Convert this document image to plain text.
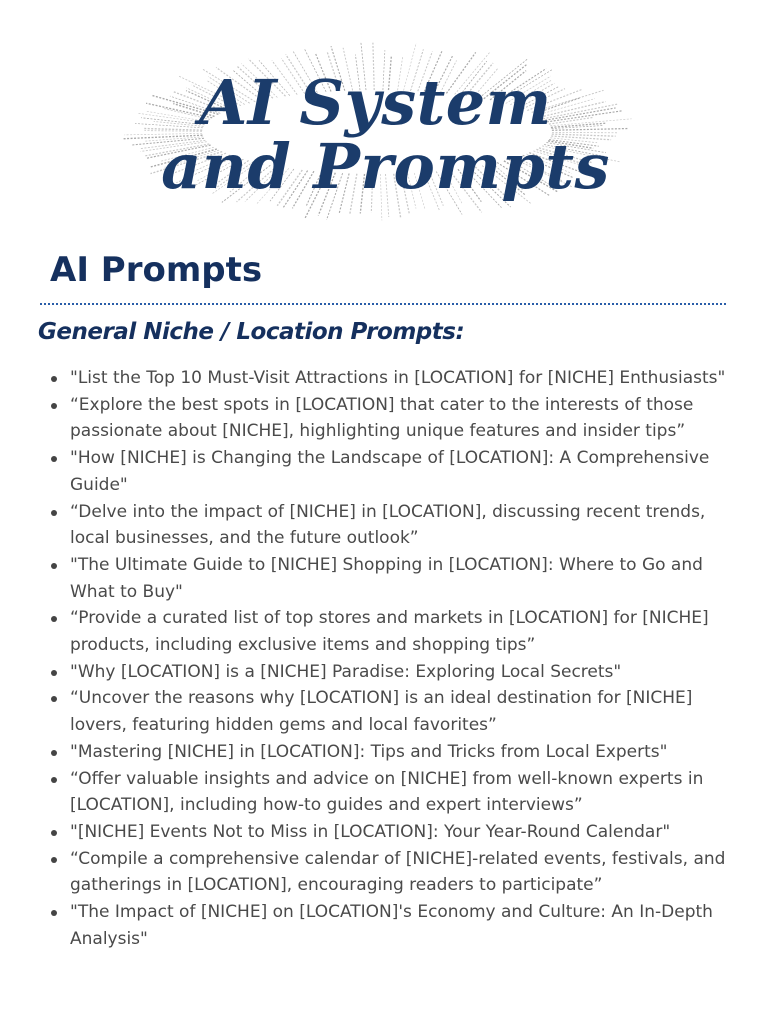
AI System
and Prompts
AI Prompts
General Niche / Location Prompts:
"List the Top 10 Must-Visit Attractions in [LOCATION] for [NICHE] Enthusiasts"
“Explore the best spots in [LOCATION] that cater to the interests of those passionate about [NICHE], highlighting unique features and insider tips”
"How [NICHE] is Changing the Landscape of [LOCATION]: A Comprehensive Guide"
“Delve into the impact of [NICHE] in [LOCATION], discussing recent trends, local businesses, and the future outlook”
"The Ultimate Guide to [NICHE] Shopping in [LOCATION]: Where to Go and What to Buy"
“Provide a curated list of top stores and markets in [LOCATION] for [NICHE] products, including exclusive items and shopping tips”
"Why [LOCATION] is a [NICHE] Paradise: Exploring Local Secrets"
“Uncover the reasons why [LOCATION] is an ideal destination for [NICHE] lovers, featuring hidden gems and local favorites”
"Mastering [NICHE] in [LOCATION]: Tips and Tricks from Local Experts"
“Offer valuable insights and advice on [NICHE] from well-known experts in [LOCATION], including how-to guides and expert interviews”
"[NICHE] Events Not to Miss in [LOCATION]: Your Year-Round Calendar"
“Compile a comprehensive calendar of [NICHE]-related events, festivals, and gatherings in [LOCATION], encouraging readers to participate”
"The Impact of [NICHE] on [LOCATION]'s Economy and Culture: An In-Depth Analysis"
